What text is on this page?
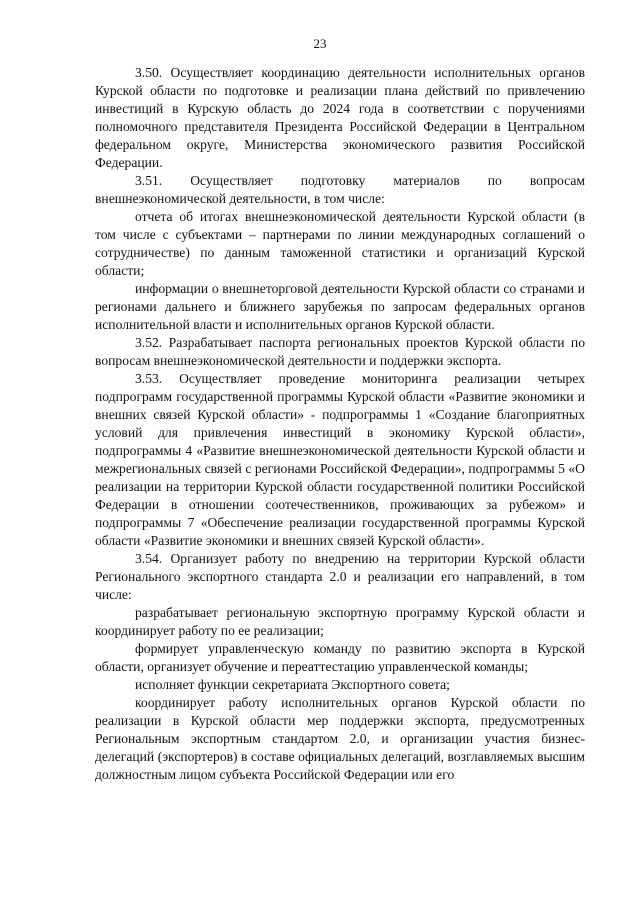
23

3.50. Осуществляет координацию деятельности исполнительных органов Курской области по подготовке и реализации плана действий по привлечению инвестиций в Курскую область до 2024 года в соответствии с поручениями полномочного представителя Президента Российской Федерации в Центральном федеральном округе, Министерства экономического развития Российской Федерации.

3.51. Осуществляет подготовку материалов по вопросам внешнеэкономической деятельности, в том числе:

отчета об итогах внешнеэкономической деятельности Курской области (в том числе с субъектами – партнерами по линии международных соглашений о сотрудничестве) по данным таможенной статистики и организаций Курской области;

информации о внешнеторговой деятельности Курской области со странами и регионами дальнего и ближнего зарубежья по запросам федеральных органов исполнительной власти и исполнительных органов Курской области.

3.52. Разрабатывает паспорта региональных проектов Курской области по вопросам внешнеэкономической деятельности и поддержки экспорта.

3.53. Осуществляет проведение мониторинга реализации четырех подпрограмм государственной программы Курской области «Развитие экономики и внешних связей Курской области» - подпрограммы 1 «Создание благоприятных условий для привлечения инвестиций в экономику Курской области», подпрограммы 4 «Развитие внешнеэкономической деятельности Курской области и межрегиональных связей с регионами Российской Федерации», подпрограммы 5 «О реализации на территории Курской области государственной политики Российской Федерации в отношении соотечественников, проживающих за рубежом» и подпрограммы 7 «Обеспечение реализации государственной программы Курской области «Развитие экономики и внешних связей Курской области».

3.54. Организует работу по внедрению на территории Курской области Регионального экспортного стандарта 2.0 и реализации его направлений, в том числе:

разрабатывает региональную экспортную программу Курской области и координирует работу по ее реализации;

формирует управленческую команду по развитию экспорта в Курской области, организует обучение и переаттестацию управленческой команды;

исполняет функции секретариата Экспортного совета;

координирует работу исполнительных органов Курской области по реализации в Курской области мер поддержки экспорта, предусмотренных Региональным экспортным стандартом 2.0, и организации участия бизнес-делегаций (экспортеров) в составе официальных делегаций, возглавляемых высшим должностным лицом субъекта Российской Федерации или его
